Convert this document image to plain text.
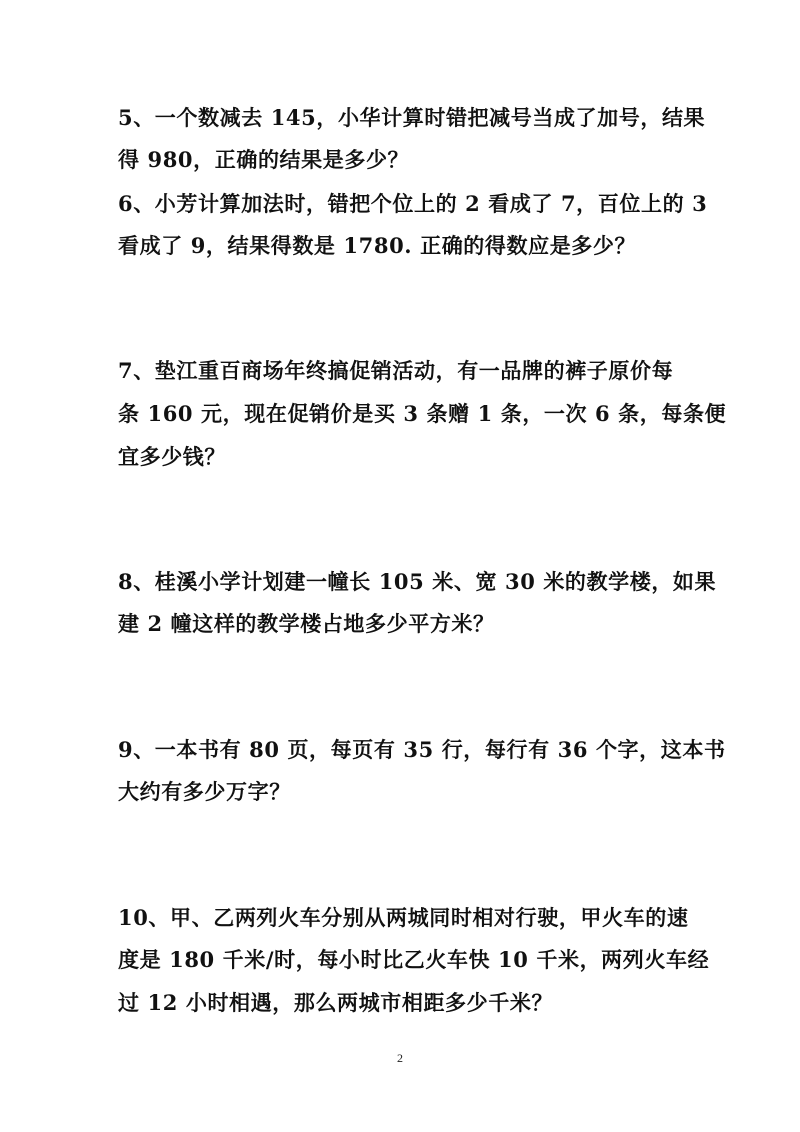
5、一个数减去 145，小华计算时错把减号当成了加号，结果
得 980，正确的结果是多少？
6、小芳计算加法时，错把个位上的 2 看成了 7，百位上的 3
看成了 9，结果得数是 1780. 正确的得数应是多少？
7、垫江重百商场年终搞促销活动，有一品牌的裤子原价每
条 160 元，现在促销价是买 3 条赠 1 条，一次 6 条，每条便
宜多少钱？
8、桂溪小学计划建一幢长 105 米、宽 30 米的教学楼，如果
建 2 幢这样的教学楼占地多少平方米？
9、一本书有 80 页，每页有 35 行，每行有 36 个字，这本书
大约有多少万字？
10、甲、乙两列火车分别从两城同时相对行驶，甲火车的速
度是 180 千米/时，每小时比乙火车快 10 千米，两列火车经
过 12 小时相遇，那么两城市相距多少千米？
2
